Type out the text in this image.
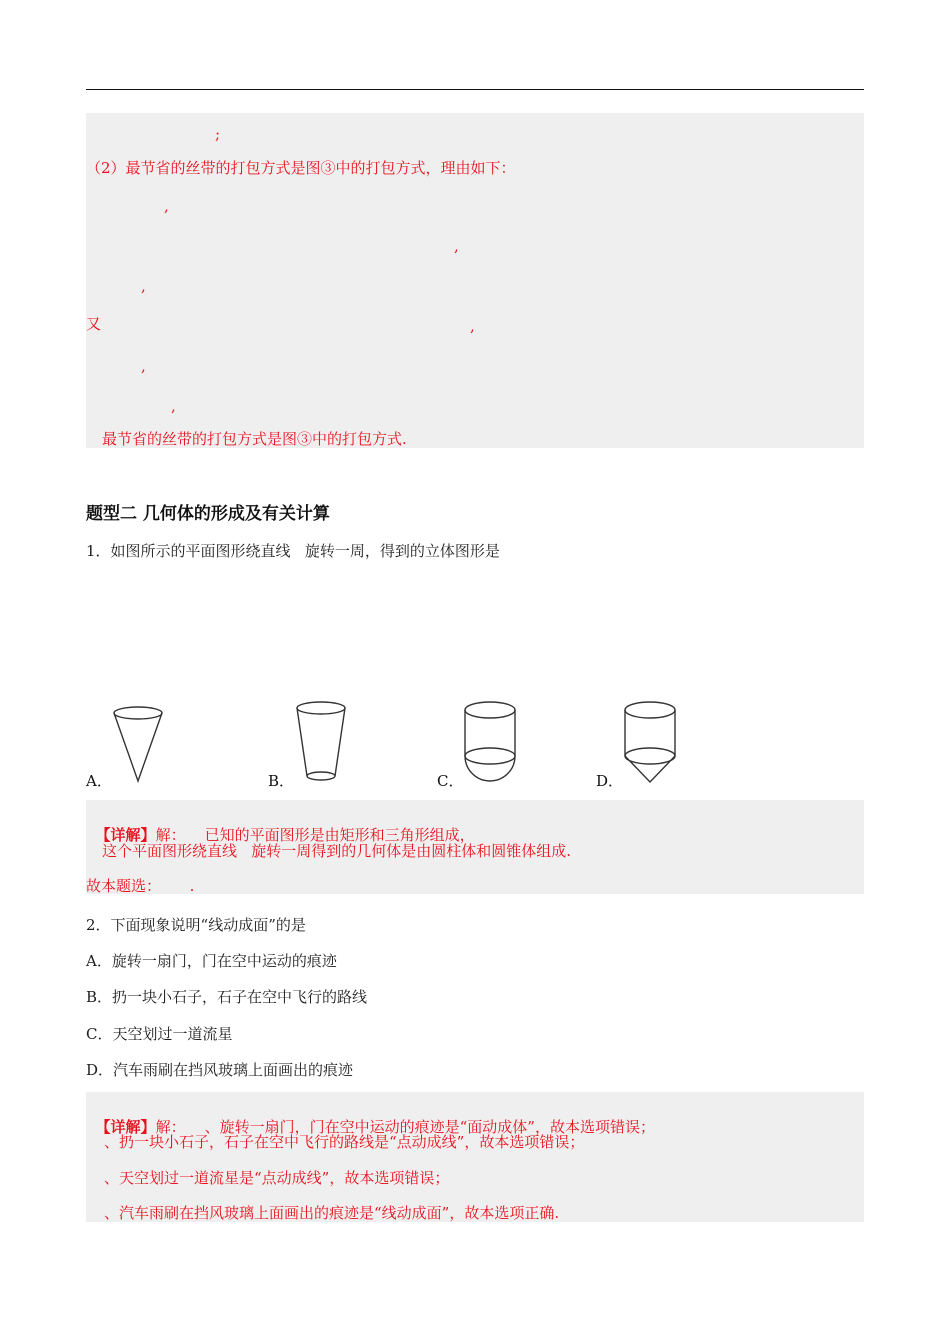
;
（2）最节省的丝带的打包方式是图③中的打包方式，理由如下：
,
,
,
又	,
,
,
最节省的丝带的打包方式是图③中的打包方式.
题型二 几何体的形成及有关计算
1．如图所示的平面图形绕直线   旋转一周，得到的立体图形是
A．	B．	C．	D．

【详解】解：    已知的平面图形是由矩形和三角形组成，

这个平面图形绕直线   旋转一周得到的几何体是由圆柱体和圆锥体组成.
故本题选：      .
2．下面现象说明“线动成面”的是
A．旋转一扇门，门在空中运动的痕迹
B．扔一块小石子，石子在空中飞行的路线
C．天空划过一道流星
D．汽车雨刷在挡风玻璃上面画出的痕迹

【详解】解：    、旋转一扇门，门在空中运动的痕迹是“面动成体”，故本选项错误；

、扔一块小石子，石子在空中飞行的路线是“点动成线”，故本选项错误；
、天空划过一道流星是“点动成线”，故本选项错误；
、汽车雨刷在挡风玻璃上面画出的痕迹是“线动成面”，故本选项正确.
